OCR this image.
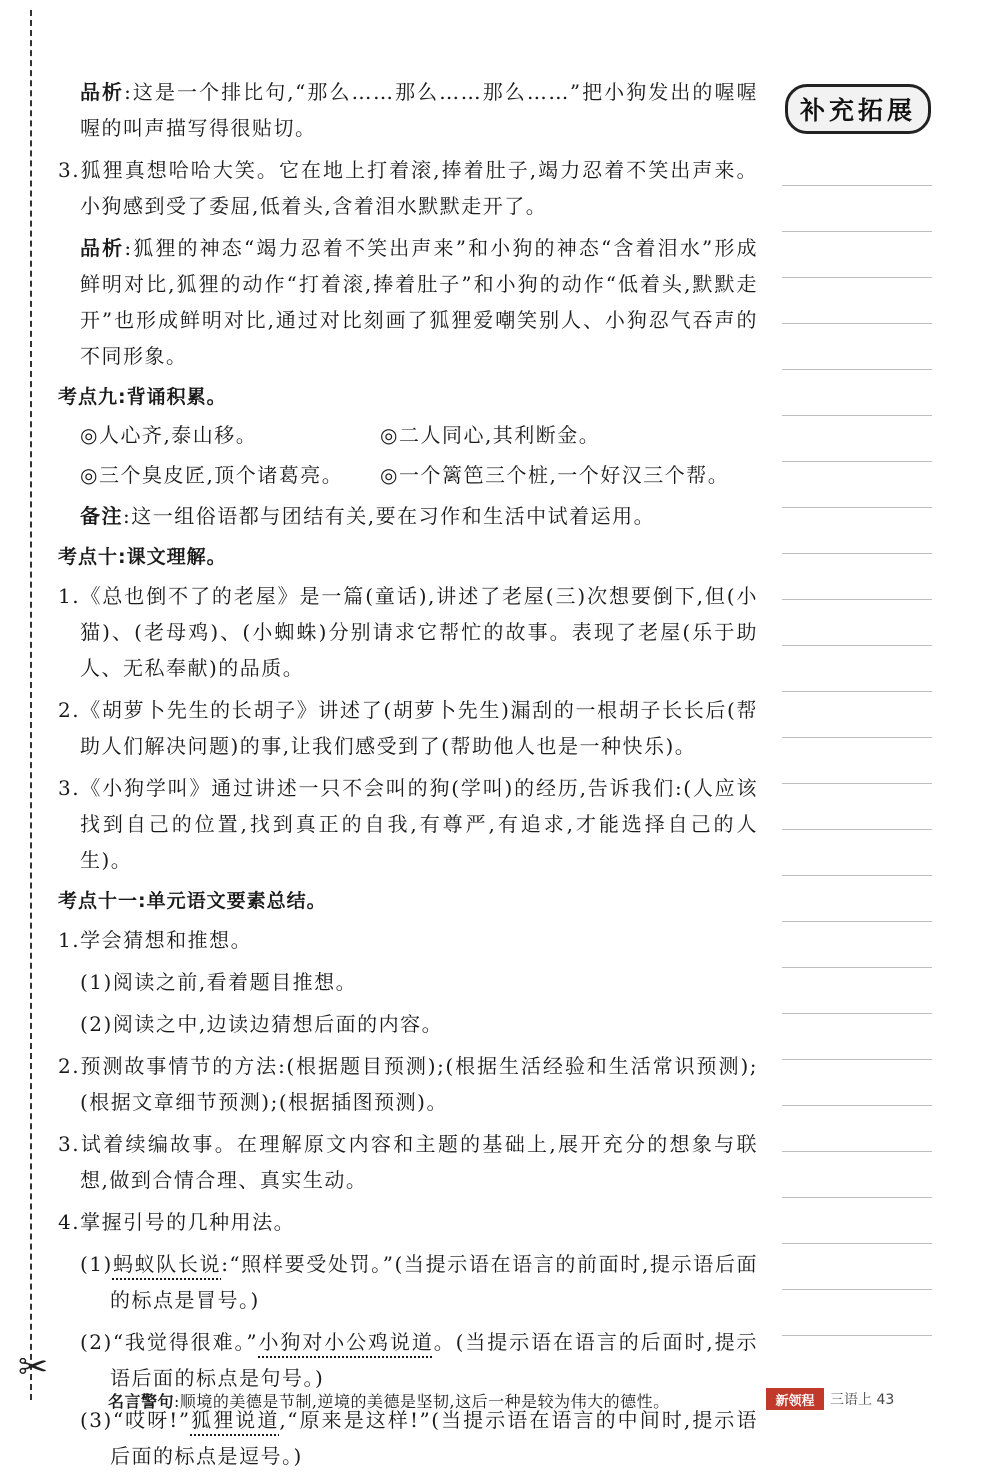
✂
补充拓展

品析:这是一个排比句,“那么……那么……那么……”把小狗发出的喔喔喔的叫声描写得很贴切。

3.狐狸真想哈哈大笑。它在地上打着滚,捧着肚子,竭力忍着不笑出声来。小狗感到受了委屈,低着头,含着泪水默默走开了。

品析:狐狸的神态“竭力忍着不笑出声来”和小狗的神态“含着泪水”形成鲜明对比,狐狸的动作“打着滚,捧着肚子”和小狗的动作“低着头,默默走开”也形成鲜明对比,通过对比刻画了狐狸爱嘲笑别人、小狗忍气吞声的不同形象。

考点九:背诵积累。
◎人心齐,泰山移。	◎二人同心,其利断金。
◎三个臭皮匠,顶个诸葛亮。	◎一个篱笆三个桩,一个好汉三个帮。

备注:这一组俗语都与团结有关,要在习作和生活中试着运用。

考点十:课文理解。

1.《总也倒不了的老屋》是一篇(童话),讲述了老屋(三)次想要倒下,但(小猫)、(老母鸡)、(小蜘蛛)分别请求它帮忙的故事。表现了老屋(乐于助人、无私奉献)的品质。

2.《胡萝卜先生的长胡子》讲述了(胡萝卜先生)漏刮的一根胡子长长后(帮助人们解决问题)的事,让我们感受到了(帮助他人也是一种快乐)。

3.《小狗学叫》通过讲述一只不会叫的狗(学叫)的经历,告诉我们:(人应该找到自己的位置,找到真正的自我,有尊严,有追求,才能选择自己的人生)。

考点十一:单元语文要素总结。

1.学会猜想和推想。

(1)阅读之前,看着题目推想。

(2)阅读之中,边读边猜想后面的内容。

2.预测故事情节的方法:(根据题目预测);(根据生活经验和生活常识预测);(根据文章细节预测);(根据插图预测)。

3.试着续编故事。在理解原文内容和主题的基础上,展开充分的想象与联想,做到合情合理、真实生动。

4.掌握引号的几种用法。

(1)蚂蚁队长说:“照样要受处罚。”(当提示语在语言的前面时,提示语后面的标点是冒号。)

(2)“我觉得很难。”小狗对小公鸡说道。(当提示语在语言的后面时,提示语后面的标点是句号。)

(3)“哎呀!”狐狸说道,“原来是这样!”(当提示语在语言的中间时,提示语后面的标点是逗号。)

名言警句:顺境的美德是节制,逆境的美德是坚韧,这后一种是较为伟大的德性。	新领程	三语上 43
